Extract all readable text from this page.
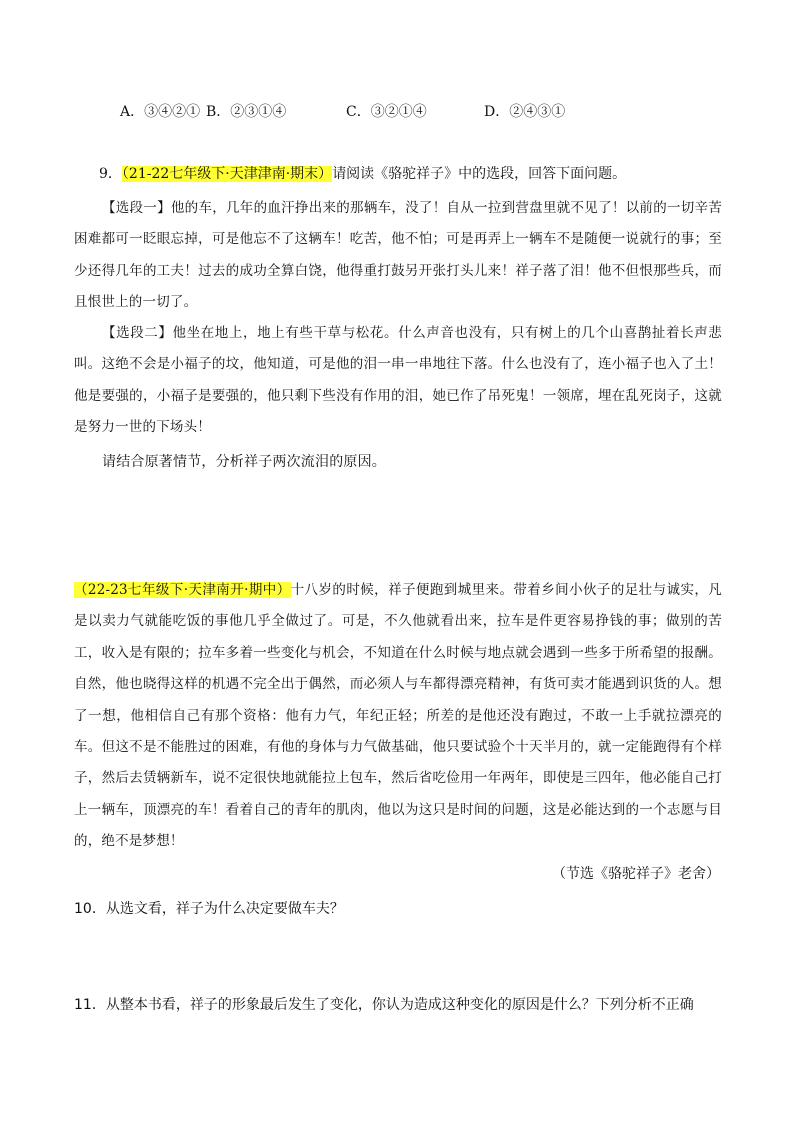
A．③④②① B．②③①④	C．③②①④	D．②④③①
9．（21-22七年级下·天津津南·期末）请阅读《骆驼祥子》中的选段，回答下面问题。
【选段一】他的车，几年的血汗挣出来的那辆车，没了！自从一拉到营盘里就不见了！以前的一切辛苦困难都可一眨眼忘掉，可是他忘不了这辆车！吃苦，他不怕；可是再弄上一辆车不是随便一说就行的事；至少还得几年的工夫！过去的成功全算白饶，他得重打鼓另开张打头儿来！祥子落了泪！他不但恨那些兵，而且恨世上的一切了。
【选段二】他坐在地上，地上有些干草与松花。什么声音也没有，只有树上的几个山喜鹊扯着长声悲叫。这绝不会是小福子的坟，他知道，可是他的泪一串一串地往下落。什么也没有了，连小福子也入了土！他是要强的，小福子是要强的，他只剩下些没有作用的泪，她已作了吊死鬼！一领席，埋在乱死岗子，这就是努力一世的下场头！
请结合原著情节，分析祥子两次流泪的原因。
（22-23七年级下·天津南开·期中）十八岁的时候，祥子便跑到城里来。带着乡间小伙子的足壮与诚实，凡是以卖力气就能吃饭的事他几乎全做过了。可是，不久他就看出来，拉车是件更容易挣钱的事；做别的苦工，收入是有限的；拉车多着一些变化与机会，不知道在什么时候与地点就会遇到一些多于所希望的报酬。自然，他也晓得这样的机遇不完全出于偶然，而必须人与车都得漂亮精神，有货可卖才能遇到识货的人。想了一想，他相信自己有那个资格：他有力气，年纪正轻；所差的是他还没有跑过，不敢一上手就拉漂亮的车。但这不是不能胜过的困难，有他的身体与力气做基础，他只要试验个十天半月的，就一定能跑得有个样子，然后去赁辆新车，说不定很快地就能拉上包车，然后省吃俭用一年两年，即使是三四年，他必能自己打上一辆车，顶漂亮的车！看着自己的青年的肌肉，他以为这只是时间的问题，这是必能达到的一个志愿与目的，绝不是梦想！
（节选《骆驼祥子》老舍）
10．从选文看，祥子为什么决定要做车夫？
11．从整本书看，祥子的形象最后发生了变化，你认为造成这种变化的原因是什么？下列分析不正确
